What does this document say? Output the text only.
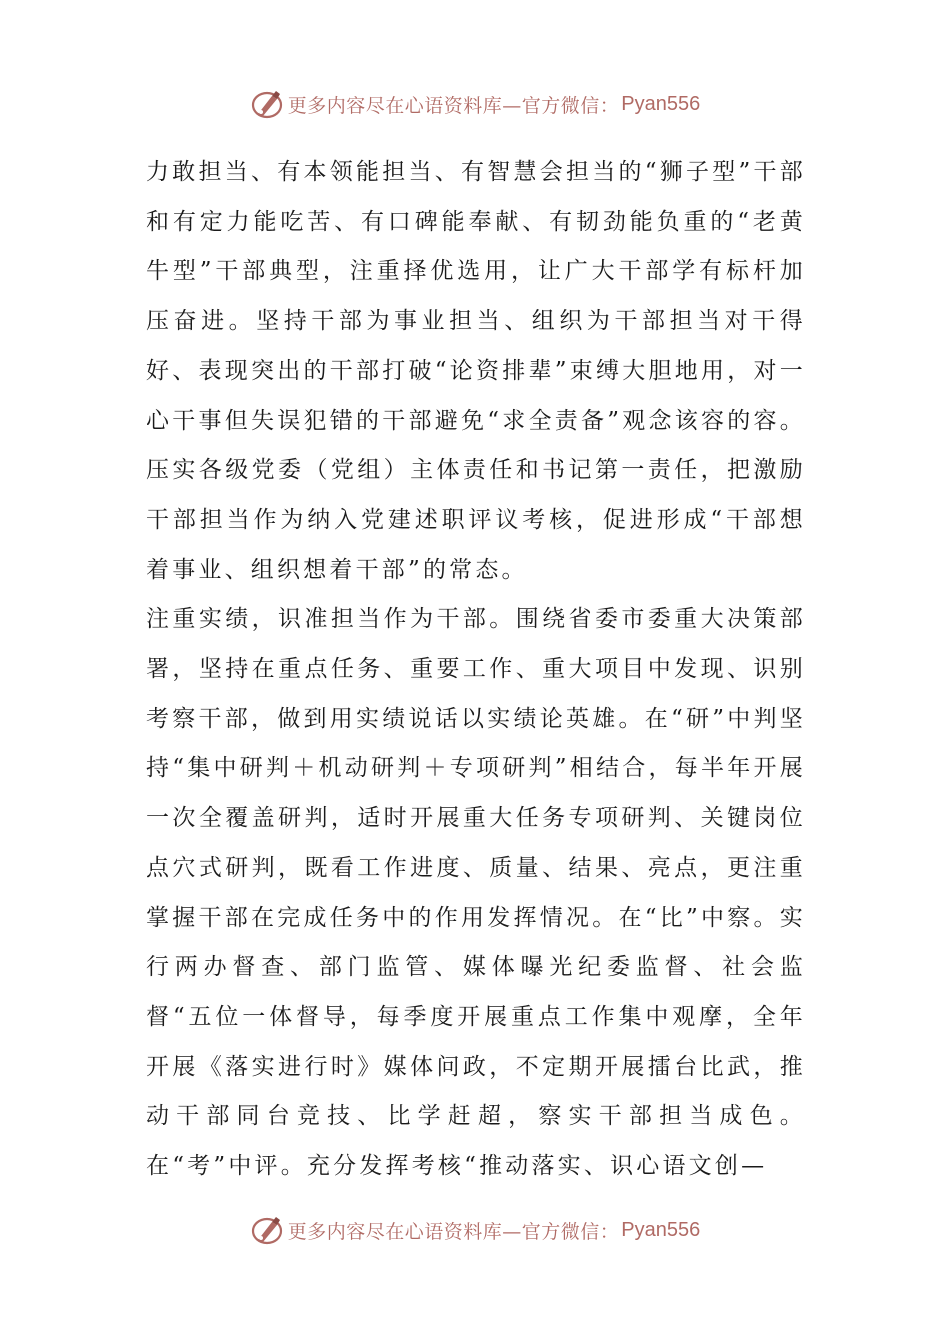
更多内容尽在心语资料库—官方微信： Pyan556

力敢担当、有本领能担当、有智慧会担当的“狮子型”干部和有定力能吃苦、有口碑能奉献、有韧劲能负重的“老黄牛型”干部典型，注重择优选用，让广大干部学有标杆加压奋进。坚持干部为事业担当、组织为干部担当对干得好、表现突出的干部打破“论资排辈”束缚大胆地用，对一心干事但失误犯错的干部避免“求全责备”观念该容的容。压实各级党委（党组）主体责任和书记第一责任，把激励干部担当作为纳入党建述职评议考核，促进形成“干部想着事业、组织想着干部”的常态。

注重实绩，识准担当作为干部。围绕省委市委重大决策部署，坚持在重点任务、重要工作、重大项目中发现、识别考察干部，做到用实绩说话以实绩论英雄。在“研”中判坚持“集中研判＋机动研判＋专项研判”相结合，每半年开展一次全覆盖研判，适时开展重大任务专项研判、关键岗位点穴式研判，既看工作进度、质量、结果、亮点，更注重掌握干部在完成任务中的作用发挥情况。在“比”中察。实行两办督查、部门监管、媒体曝光纪委监督、社会监督“五位一体督导，每季度开展重点工作集中观摩，全年开展《落实进行时》媒体问政，不定期开展擂台比武，推动干部同台竞技、比学赶超，察实干部担当成色。在“考”中评。充分发挥考核“推动落实、识心语文创—

更多内容尽在心语资料库—官方微信： Pyan556
